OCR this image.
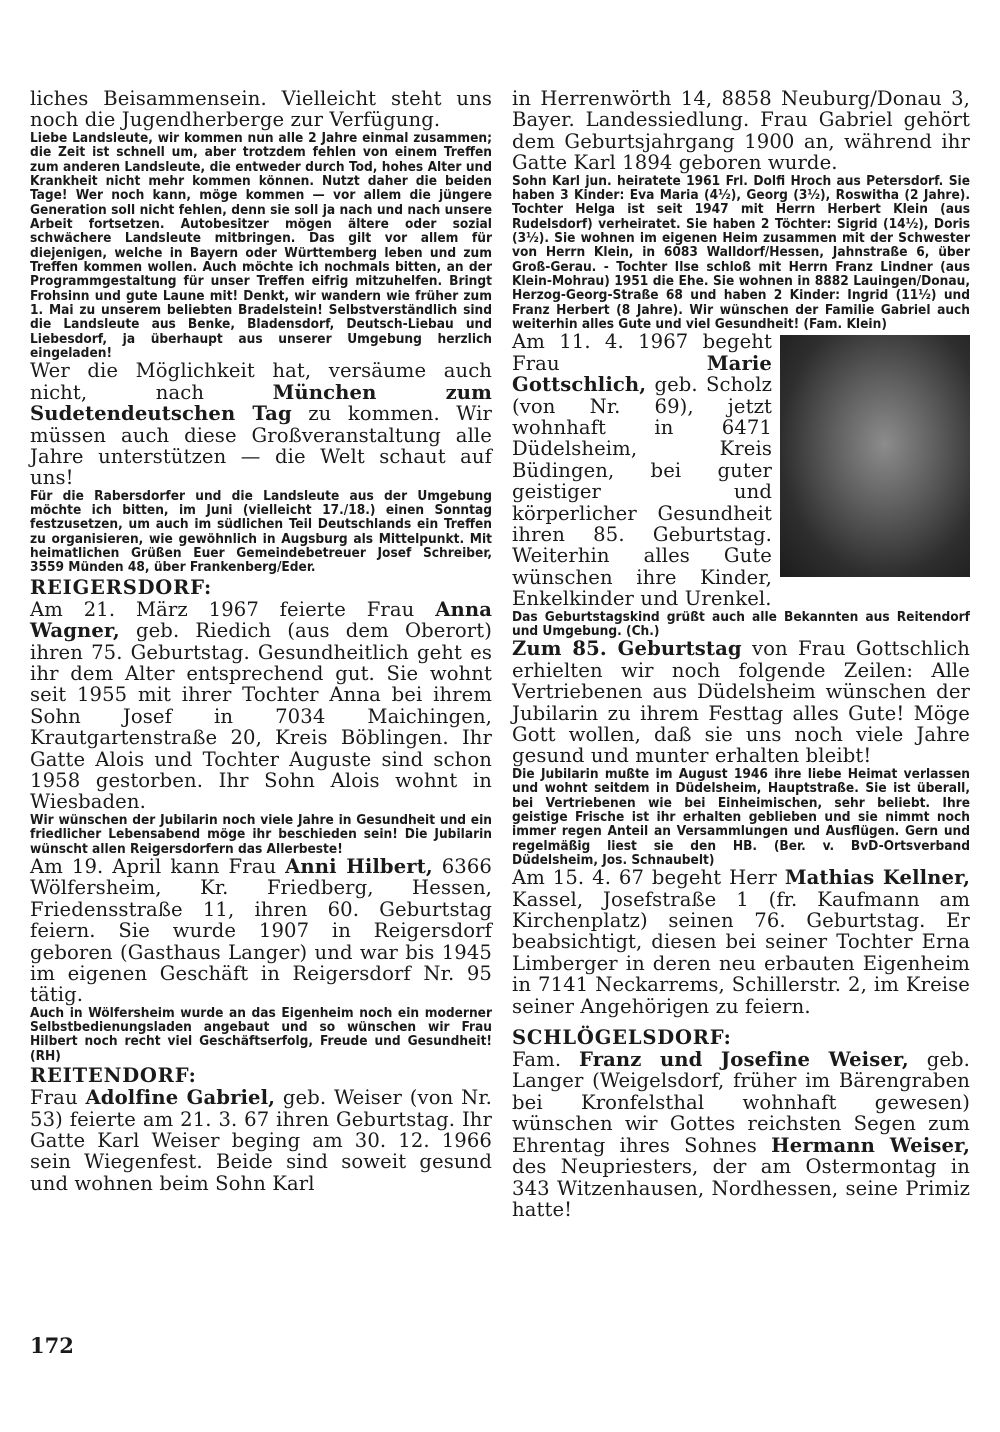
liches Beisammensein. Vielleicht steht uns noch die Jugendherberge zur Verfügung.

Liebe Landsleute, wir kommen nun alle 2 Jahre einmal zusammen; die Zeit ist schnell um, aber trotzdem fehlen von einem Treffen zum anderen Landsleute, die entweder durch Tod, hohes Alter und Krankheit nicht mehr kommen können. Nutzt daher die beiden Tage! Wer noch kann, möge kommen — vor allem die jüngere Generation soll nicht fehlen, denn sie soll ja nach und nach unsere Arbeit fortsetzen. Autobesitzer mögen ältere oder sozial schwächere Landsleute mitbringen. Das gilt vor allem für diejenigen, welche in Bayern oder Württemberg leben und zum Treffen kommen wollen. Auch möchte ich nochmals bitten, an der Programmgestaltung für unser Treffen eifrig mitzuhelfen. Bringt Frohsinn und gute Laune mit! Denkt, wir wandern wie früher zum 1. Mai zu unserem beliebten Bradelstein! Selbstverständlich sind die Landsleute aus Benke, Bladensdorf, Deutsch-Liebau und Liebesdorf, ja überhaupt aus unserer Umgebung herzlich eingeladen!

Wer die Möglichkeit hat, versäume auch nicht, nach München zum Sudetendeutschen Tag zu kommen. Wir müssen auch diese Großveranstaltung alle Jahre unterstützen — die Welt schaut auf uns!

Für die Rabersdorfer und die Landsleute aus der Umgebung möchte ich bitten, im Juni (vielleicht 17./18.) einen Sonntag festzusetzen, um auch im südlichen Teil Deutschlands ein Treffen zu organisieren, wie gewöhnlich in Augsburg als Mittelpunkt. Mit heimatlichen Grüßen Euer Gemeindebetreuer Josef Schreiber, 3559 Münden 48, über Frankenberg/Eder.

REIGERSDORF:

Am 21. März 1967 feierte Frau Anna Wagner, geb. Riedich (aus dem Oberort) ihren 75. Geburtstag. Gesundheitlich geht es ihr dem Alter entsprechend gut. Sie wohnt seit 1955 mit ihrer Tochter Anna bei ihrem Sohn Josef in 7034 Maichingen, Krautgartenstraße 20, Kreis Böblingen. Ihr Gatte Alois und Tochter Auguste sind schon 1958 gestorben. Ihr Sohn Alois wohnt in Wiesbaden.

Wir wünschen der Jubilarin noch viele Jahre in Gesundheit und ein friedlicher Lebensabend möge ihr beschieden sein! Die Jubilarin wünscht allen Reigersdorfern das Allerbeste!

Am 19. April kann Frau Anni Hilbert, 6366 Wölfersheim, Kr. Friedberg, Hessen, Friedensstraße 11, ihren 60. Geburtstag feiern. Sie wurde 1907 in Reigersdorf geboren (Gasthaus Langer) und war bis 1945 im eigenen Geschäft in Reigersdorf Nr. 95 tätig.

Auch in Wölfersheim wurde an das Eigenheim noch ein moderner Selbstbedienungsladen angebaut und so wünschen wir Frau Hilbert noch recht viel Geschäftserfolg, Freude und Gesundheit! (RH)

REITENDORF:

Frau Adolfine Gabriel, geb. Weiser (von Nr. 53) feierte am 21. 3. 67 ihren Geburtstag. Ihr Gatte Karl Weiser beging am 30. 12. 1966 sein Wiegenfest. Beide sind soweit gesund und wohnen beim Sohn Karl

in Herrenwörth 14, 8858 Neuburg/Donau 3, Bayer. Landessiedlung. Frau Gabriel gehört dem Geburtsjahrgang 1900 an, während ihr Gatte Karl 1894 geboren wurde.

Sohn Karl jun. heiratete 1961 Frl. Dolfi Hroch aus Petersdorf. Sie haben 3 Kinder: Eva Maria (4½), Georg (3½), Roswitha (2 Jahre). Tochter Helga ist seit 1947 mit Herrn Herbert Klein (aus Rudelsdorf) verheiratet. Sie haben 2 Töchter: Sigrid (14½), Doris (3½). Sie wohnen im eigenen Heim zusammen mit der Schwester von Herrn Klein, in 6083 Walldorf/Hessen, Jahnstraße 6, über Groß-Gerau. - Tochter Ilse schloß mit Herrn Franz Lindner (aus Klein-Mohrau) 1951 die Ehe. Sie wohnen in 8882 Lauingen/Donau, Herzog-Georg-Straße 68 und haben 2 Kinder: Ingrid (11½) und Franz Herbert (8 Jahre). Wir wünschen der Familie Gabriel auch weiterhin alles Gute und viel Gesundheit! (Fam. Klein)

Am 11. 4. 1967 begeht Frau Marie Gottschlich, geb. Scholz (von Nr. 69), jetzt wohnhaft in 6471 Düdelsheim, Kreis Büdingen, bei guter geistiger und körperlicher Gesundheit ihren 85. Geburtstag. Weiterhin alles Gute wünschen ihre Kinder, Enkelkinder und Urenkel.

Das Geburtstagskind grüßt auch alle Bekannten aus Reitendorf und Umgebung. (Ch.)

Zum 85. Geburtstag von Frau Gottschlich erhielten wir noch folgende Zeilen: Alle Vertriebenen aus Düdelsheim wünschen der Jubilarin zu ihrem Festtag alles Gute! Möge Gott wollen, daß sie uns noch viele Jahre gesund und munter erhalten bleibt!

Die Jubilarin mußte im August 1946 ihre liebe Heimat verlassen und wohnt seitdem in Düdelsheim, Hauptstraße. Sie ist überall, bei Vertriebenen wie bei Einheimischen, sehr beliebt. Ihre geistige Frische ist ihr erhalten geblieben und sie nimmt noch immer regen Anteil an Versammlungen und Ausflügen. Gern und regelmäßig liest sie den HB. (Ber. v. BvD-Ortsverband Düdelsheim, Jos. Schnaubelt)

Am 15. 4. 67 begeht Herr Mathias Kellner, Kassel, Josefstraße 1 (fr. Kaufmann am Kirchenplatz) seinen 76. Geburtstag. Er beabsichtigt, diesen bei seiner Tochter Erna Limberger in deren neu erbauten Eigenheim in 7141 Neckarrems, Schillerstr. 2, im Kreise seiner Angehörigen zu feiern.

SCHLÖGELSDORF:

Fam. Franz und Josefine Weiser, geb. Langer (Weigelsdorf, früher im Bärengraben bei Kronfelsthal wohnhaft gewesen) wünschen wir Gottes reichsten Segen zum Ehrentag ihres Sohnes Hermann Weiser, des Neupriesters, der am Ostermontag in 343 Witzenhausen, Nordhessen, seine Primiz hatte!

172
